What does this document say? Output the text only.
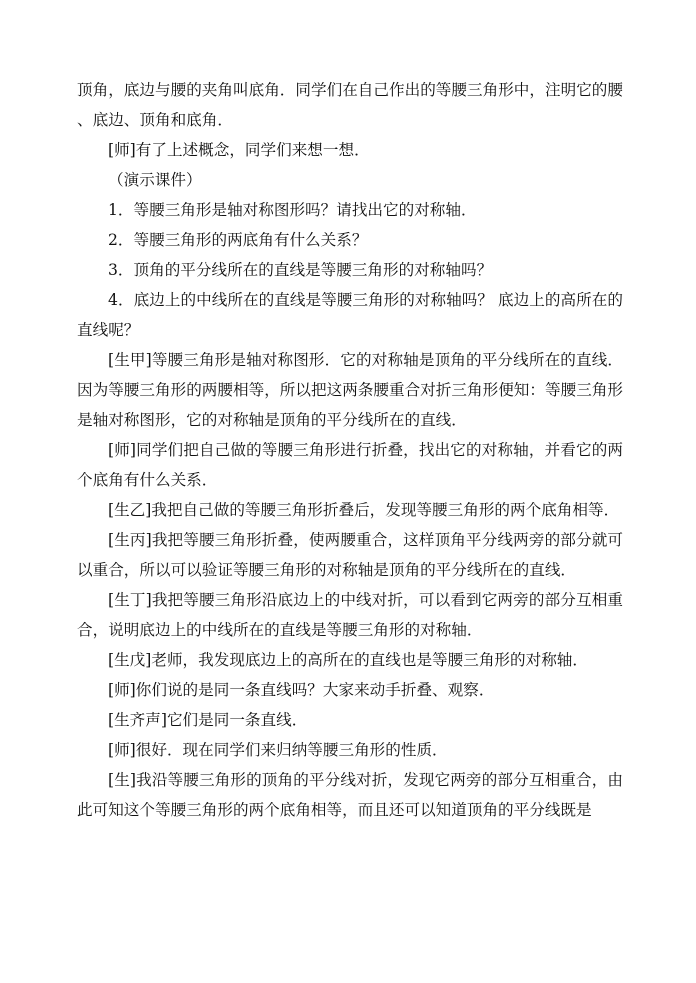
顶角，底边与腰的夹角叫底角．同学们在自己作出的等腰三角形中，注明它的腰、底边、顶角和底角．

[师]有了上述概念，同学们来想一想．

（演示课件）

1．等腰三角形是轴对称图形吗？请找出它的对称轴．

2．等腰三角形的两底角有什么关系？

3．顶角的平分线所在的直线是等腰三角形的对称轴吗？

4．底边上的中线所在的直线是等腰三角形的对称轴吗？ 底边上的高所在的直线呢？

[生甲]等腰三角形是轴对称图形．它的对称轴是顶角的平分线所在的直线．因为等腰三角形的两腰相等，所以把这两条腰重合对折三角形便知：等腰三角形是轴对称图形，它的对称轴是顶角的平分线所在的直线．

[师]同学们把自己做的等腰三角形进行折叠，找出它的对称轴，并看它的两个底角有什么关系．

[生乙]我把自己做的等腰三角形折叠后，发现等腰三角形的两个底角相等．

[生丙]我把等腰三角形折叠，使两腰重合，这样顶角平分线两旁的部分就可以重合，所以可以验证等腰三角形的对称轴是顶角的平分线所在的直线．

[生丁]我把等腰三角形沿底边上的中线对折，可以看到它两旁的部分互相重合，说明底边上的中线所在的直线是等腰三角形的对称轴．

[生戊]老师，我发现底边上的高所在的直线也是等腰三角形的对称轴．

[师]你们说的是同一条直线吗？大家来动手折叠、观察．

[生齐声]它们是同一条直线．

[师]很好．现在同学们来归纳等腰三角形的性质．

[生]我沿等腰三角形的顶角的平分线对折，发现它两旁的部分互相重合，由此可知这个等腰三角形的两个底角相等，而且还可以知道顶角的平分线既是
